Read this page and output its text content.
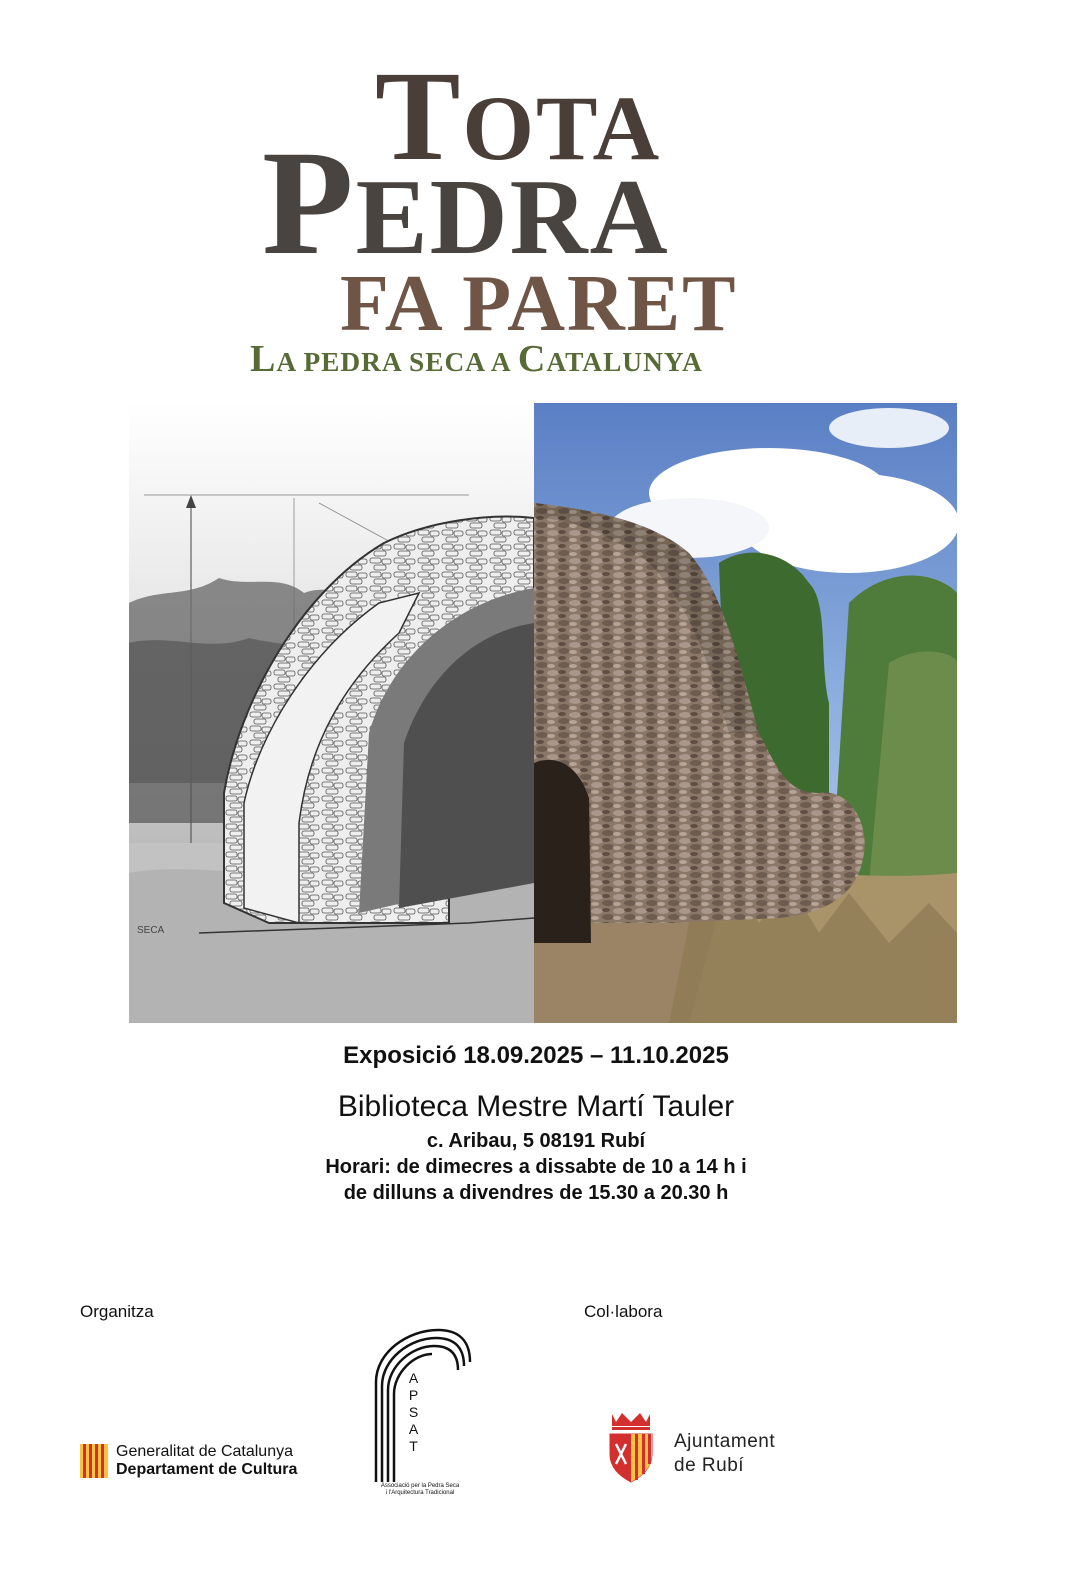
TOTA
PEDRA
FA PARET
LA PEDRA SECA A CATALUNYA
SECA
Exposició 18.09.2025 – 11.10.2025
Biblioteca Mestre Martí Tauler
c. Aribau, 5 08191 Rubí
Horari: de dimecres a dissabte de 10 a 14 h i
de dilluns a divendres de 15.30 a 20.30 h
Organitza	Col·labora
Generalitat de Catalunya
Departament de Cultura
A
P
S
A
T
Associació per la Pedra Seca
i l'Arquitectura Tradicional
Ajuntament
de Rubí
